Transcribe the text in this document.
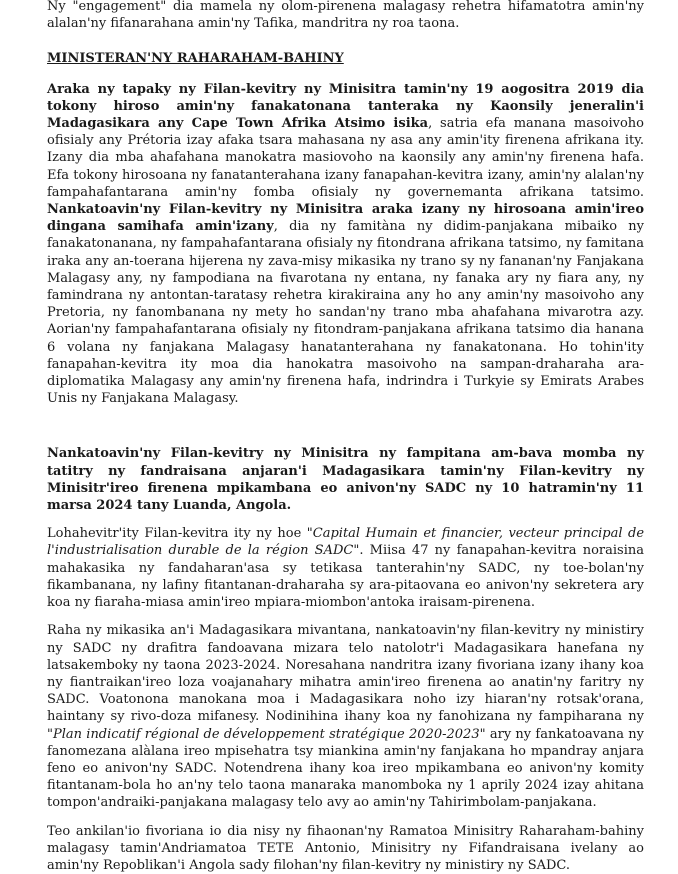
Ny "engagement" dia mamela ny olom-pirenena malagasy rehetra hifamatotra amin'ny alalan'ny fifanarahana amin'ny Tafika, mandritra ny roa taona.

MINISTERAN'NY RAHARAHAM-BAHINY

Araka ny tapaky ny Filan-kevitry ny Minisitra tamin'ny 19 aogositra 2019 dia tokony hiroso amin'ny fanakatonana tanteraka ny Kaonsily jeneralin'i Madagasikara any Cape Town Afrika Atsimo isika, satria efa manana masoivoho ofisialy any Prétoria izay afaka tsara mahasana ny asa any amin'ity firenena afrikana ity. Izany dia mba ahafahana manokatra masiovoho na kaonsily any amin'ny firenena hafa. Efa tokony hirosoana ny fanatanterahana izany fanapahan-kevitra izany, amin'ny alalan'ny fampahafantarana amin'ny fomba ofisialy ny governemanta afrikana tatsimo. Nankatoavin'ny Filan-kevitry ny Minisitra araka izany ny hirosoana amin'ireo dingana samihafa amin'izany, dia ny famitàna ny didim-panjakana mibaiko ny fanakatonanana, ny fampahafantarana ofisialy ny fitondrana afrikana tatsimo, ny famitana iraka any an-toerana hijerena ny zava-misy mikasika ny trano sy ny fananan'ny Fanjakana Malagasy any, ny fampodiana na fivarotana ny entana, ny fanaka ary ny fiara any, ny famindrana ny antontan-taratasy rehetra kirakiraina any ho any amin'ny masoivoho any Pretoria, ny fanombanana ny mety ho sandan'ny trano mba ahafahana mivarotra azy. Aorian'ny fampahafantarana ofisialy ny fitondram-panjakana afrikana tatsimo dia hanana 6 volana ny fanjakana Malagasy hanatanterahana ny fanakatonana. Ho tohin'ity fanapahan-kevitra ity moa dia hanokatra masoivoho na sampan-draharaha ara-diplomatika Malagasy any amin'ny firenena hafa, indrindra i Turkyie sy Emirats Arabes Unis ny Fanjakana Malagasy.

Nankatoavin'ny Filan-kevitry ny Minisitra ny fampitana am-bava momba ny tatitry ny fandraisana anjaran'i Madagasikara tamin'ny Filan-kevitry ny Minisitr'ireo firenena mpikambana eo anivon'ny SADC ny 10 hatramin'ny 11 marsa 2024 tany Luanda, Angola.

Lohahevitr'ity Filan-kevitra ity ny hoe "Capital Humain et financier, vecteur principal de l'industrialisation durable de la région SADC". Miisa 47 ny fanapahan-kevitra noraisina mahakasika ny fandaharan'asa sy tetikasa tanterahin'ny SADC, ny toe-bolan'ny fikambanana, ny lafiny fitantanan-draharaha sy ara-pitaovana eo anivon'ny sekretera ary koa ny fiaraha-miasa amin'ireo mpiara-miombon'antoka iraisam-pirenena.

Raha ny mikasika an'i Madagasikara mivantana, nankatoavin'ny filan-kevitry ny ministiry ny SADC ny drafitra fandoavana mizara telo natolotr'i Madagasikara hanefana ny latsakemboky ny taona 2023-2024. Noresahana nandritra izany fivoriana izany ihany koa ny fiantraikan'ireo loza voajanahary mihatra amin'ireo firenena ao anatin'ny faritry ny SADC. Voatonona manokana moa i Madagasikara noho izy hiaran'ny rotsak'orana, haintany sy rivo-doza mifanesy. Nodinihina ihany koa ny fanohizana ny fampiharana ny "Plan indicatif régional de développement stratégique 2020-2023" ary ny fankatoavana ny fanomezana alàlana ireo mpisehatra tsy miankina amin'ny fanjakana ho mpandray anjara feno eo anivon'ny SADC. Notendrena ihany koa ireo mpikambana eo anivon'ny komity fitantanam-bola ho an'ny telo taona manaraka manomboka ny 1 aprily 2024 izay ahitana tompon'andraiki-panjakana malagasy telo avy ao amin'ny Tahirimbolam-panjakana.

Teo ankilan'io fivoriana io dia nisy ny fihaonan'ny Ramatoa Minisitry Raharaham-bahiny malagasy tamin'Andriamatoa TETE Antonio, Minisitry ny Fifandraisana ivelany ao amin'ny Repoblikan'i Angola sady filohan'ny filan-kevitry ny ministiry ny SADC.
